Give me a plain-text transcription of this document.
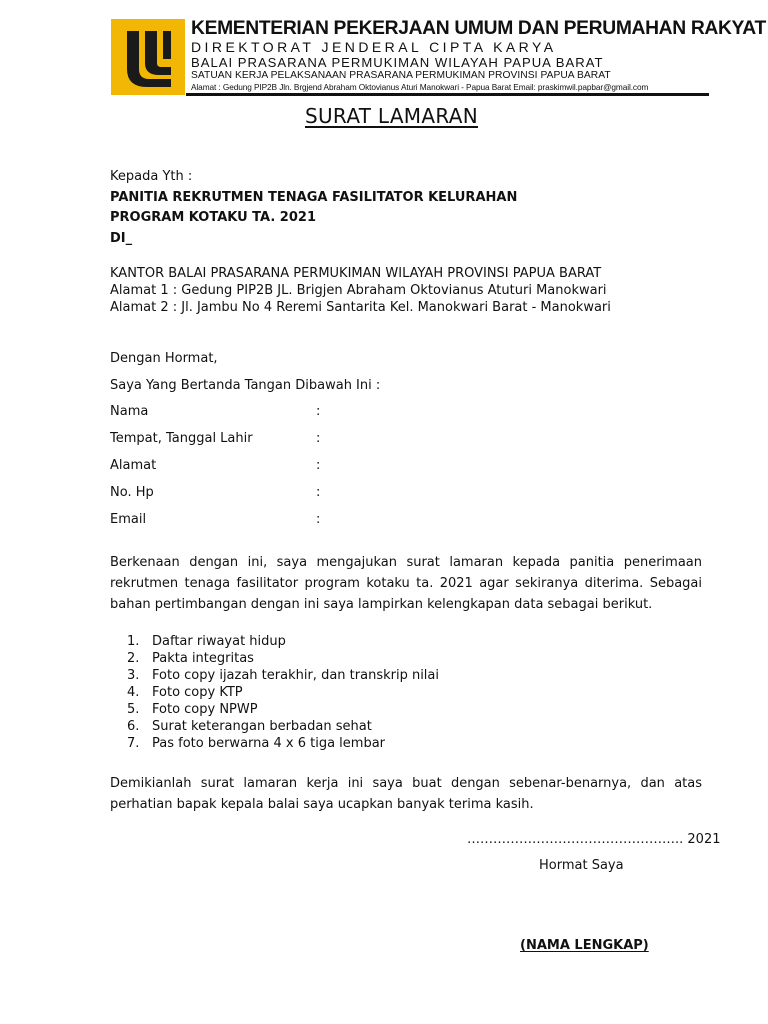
KEMENTERIAN PEKERJAAN UMUM DAN PERUMAHAN RAKYAT
DIREKTORAT JENDERAL CIPTA KARYA
BALAI PRASARANA PERMUKIMAN WILAYAH PAPUA BARAT
SATUAN KERJA PELAKSANAAN PRASARANA PERMUKIMAN PROVINSI PAPUA BARAT
Alamat : Gedung PIP2B Jln. Brgjend Abraham Oktovianus Aturi Manokwari - Papua Barat Email: praskimwil.papbar@gmail.com
SURAT LAMARAN
Kepada Yth :
PANITIA REKRUTMEN TENAGA FASILITATOR KELURAHAN
PROGRAM KOTAKU TA. 2021
DI_
KANTOR BALAI PRASARANA PERMUKIMAN WILAYAH PROVINSI PAPUA BARAT
Alamat 1 : Gedung PIP2B JL. Brigjen Abraham Oktovianus Atuturi Manokwari
Alamat 2 : Jl. Jambu No 4 Reremi Santarita Kel. Manokwari Barat - Manokwari
Dengan Hormat,
Saya Yang Bertanda Tangan Dibawah Ini :
Nama	:
Tempat, Tanggal Lahir	:
Alamat	:
No. Hp	:
Email	:
Berkenaan dengan ini, saya mengajukan surat lamaran kepada panitia penerimaan rekrutmen tenaga fasilitator program kotaku ta. 2021 agar sekiranya diterima. Sebagai bahan pertimbangan dengan ini saya lampirkan kelengkapan data sebagai berikut.
1. Daftar riwayat hidup
2. Pakta integritas
3. Foto copy ijazah terakhir, dan transkrip nilai
4. Foto copy KTP
5. Foto copy NPWP
6. Surat keterangan berbadan sehat
7. Pas foto berwarna 4 x 6 tiga lembar
Demikianlah surat lamaran kerja ini saya buat dengan sebenar-benarnya, dan atas perhatian bapak kepala balai saya ucapkan banyak terima kasih.
………………………………………….. 2021
Hormat Saya
(NAMA LENGKAP)
